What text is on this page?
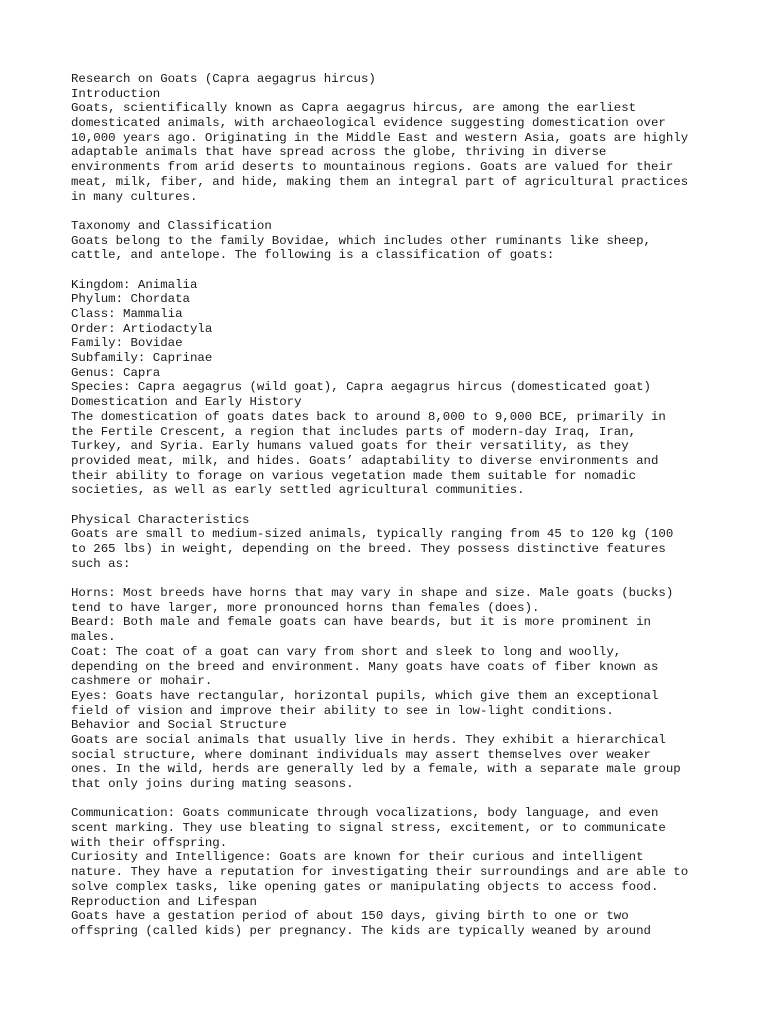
Research on Goats (Capra aegagrus hircus)
Introduction
Goats, scientifically known as Capra aegagrus hircus, are among the earliest
domesticated animals, with archaeological evidence suggesting domestication over
10,000 years ago. Originating in the Middle East and western Asia, goats are highly
adaptable animals that have spread across the globe, thriving in diverse
environments from arid deserts to mountainous regions. Goats are valued for their
meat, milk, fiber, and hide, making them an integral part of agricultural practices
in many cultures.
Taxonomy and Classification
Goats belong to the family Bovidae, which includes other ruminants like sheep,
cattle, and antelope. The following is a classification of goats:
Kingdom: Animalia
Phylum: Chordata
Class: Mammalia
Order: Artiodactyla
Family: Bovidae
Subfamily: Caprinae
Genus: Capra
Species: Capra aegagrus (wild goat), Capra aegagrus hircus (domesticated goat)
Domestication and Early History
The domestication of goats dates back to around 8,000 to 9,000 BCE, primarily in
the Fertile Crescent, a region that includes parts of modern-day Iraq, Iran,
Turkey, and Syria. Early humans valued goats for their versatility, as they
provided meat, milk, and hides. Goats’ adaptability to diverse environments and
their ability to forage on various vegetation made them suitable for nomadic
societies, as well as early settled agricultural communities.
Physical Characteristics
Goats are small to medium-sized animals, typically ranging from 45 to 120 kg (100
to 265 lbs) in weight, depending on the breed. They possess distinctive features
such as:
Horns: Most breeds have horns that may vary in shape and size. Male goats (bucks)
tend to have larger, more pronounced horns than females (does).
Beard: Both male and female goats can have beards, but it is more prominent in
males.
Coat: The coat of a goat can vary from short and sleek to long and woolly,
depending on the breed and environment. Many goats have coats of fiber known as
cashmere or mohair.
Eyes: Goats have rectangular, horizontal pupils, which give them an exceptional
field of vision and improve their ability to see in low-light conditions.
Behavior and Social Structure
Goats are social animals that usually live in herds. They exhibit a hierarchical
social structure, where dominant individuals may assert themselves over weaker
ones. In the wild, herds are generally led by a female, with a separate male group
that only joins during mating seasons.
Communication: Goats communicate through vocalizations, body language, and even
scent marking. They use bleating to signal stress, excitement, or to communicate
with their offspring.
Curiosity and Intelligence: Goats are known for their curious and intelligent
nature. They have a reputation for investigating their surroundings and are able to
solve complex tasks, like opening gates or manipulating objects to access food.
Reproduction and Lifespan
Goats have a gestation period of about 150 days, giving birth to one or two
offspring (called kids) per pregnancy. The kids are typically weaned by around
